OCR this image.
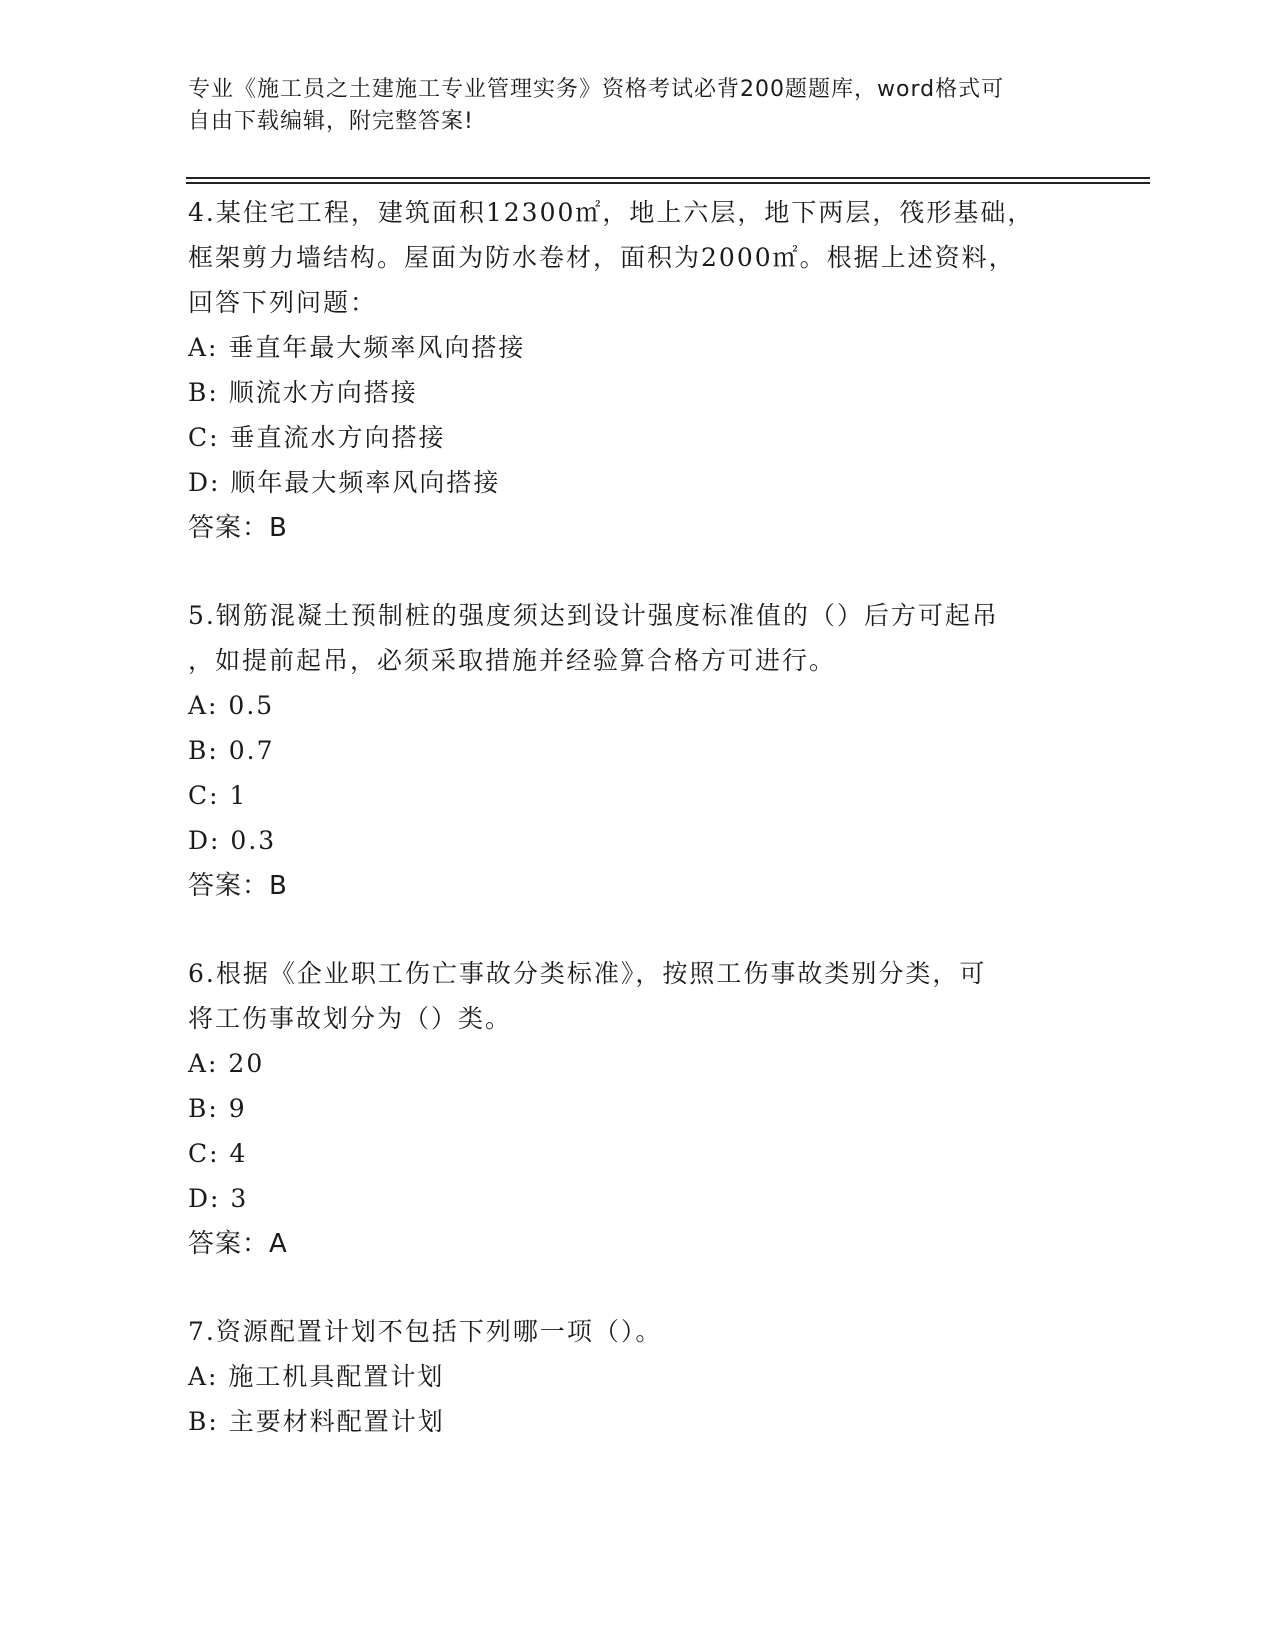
专业《施工员之土建施工专业管理实务》资格考试必背200题题库，word格式可
自由下载编辑，附完整答案!
4.某住宅工程，建筑面积12300㎡，地上六层，地下两层，筏形基础，
框架剪力墙结构。屋面为防水卷材，面积为2000㎡。根据上述资料，
回答下列问题：
A: 垂直年最大频率风向搭接
B: 顺流水方向搭接
C: 垂直流水方向搭接
D: 顺年最大频率风向搭接
答案：B
5.钢筋混凝土预制桩的强度须达到设计强度标准值的（）后方可起吊
，如提前起吊，必须采取措施并经验算合格方可进行。
A: 0.5
B: 0.7
C: 1
D: 0.3
答案：B
6.根据《企业职工伤亡事故分类标准》，按照工伤事故类别分类，可
将工伤事故划分为（）类。
A: 20
B: 9
C: 4
D: 3
答案：A
7.资源配置计划不包括下列哪一项（）。
A: 施工机具配置计划
B: 主要材料配置计划
